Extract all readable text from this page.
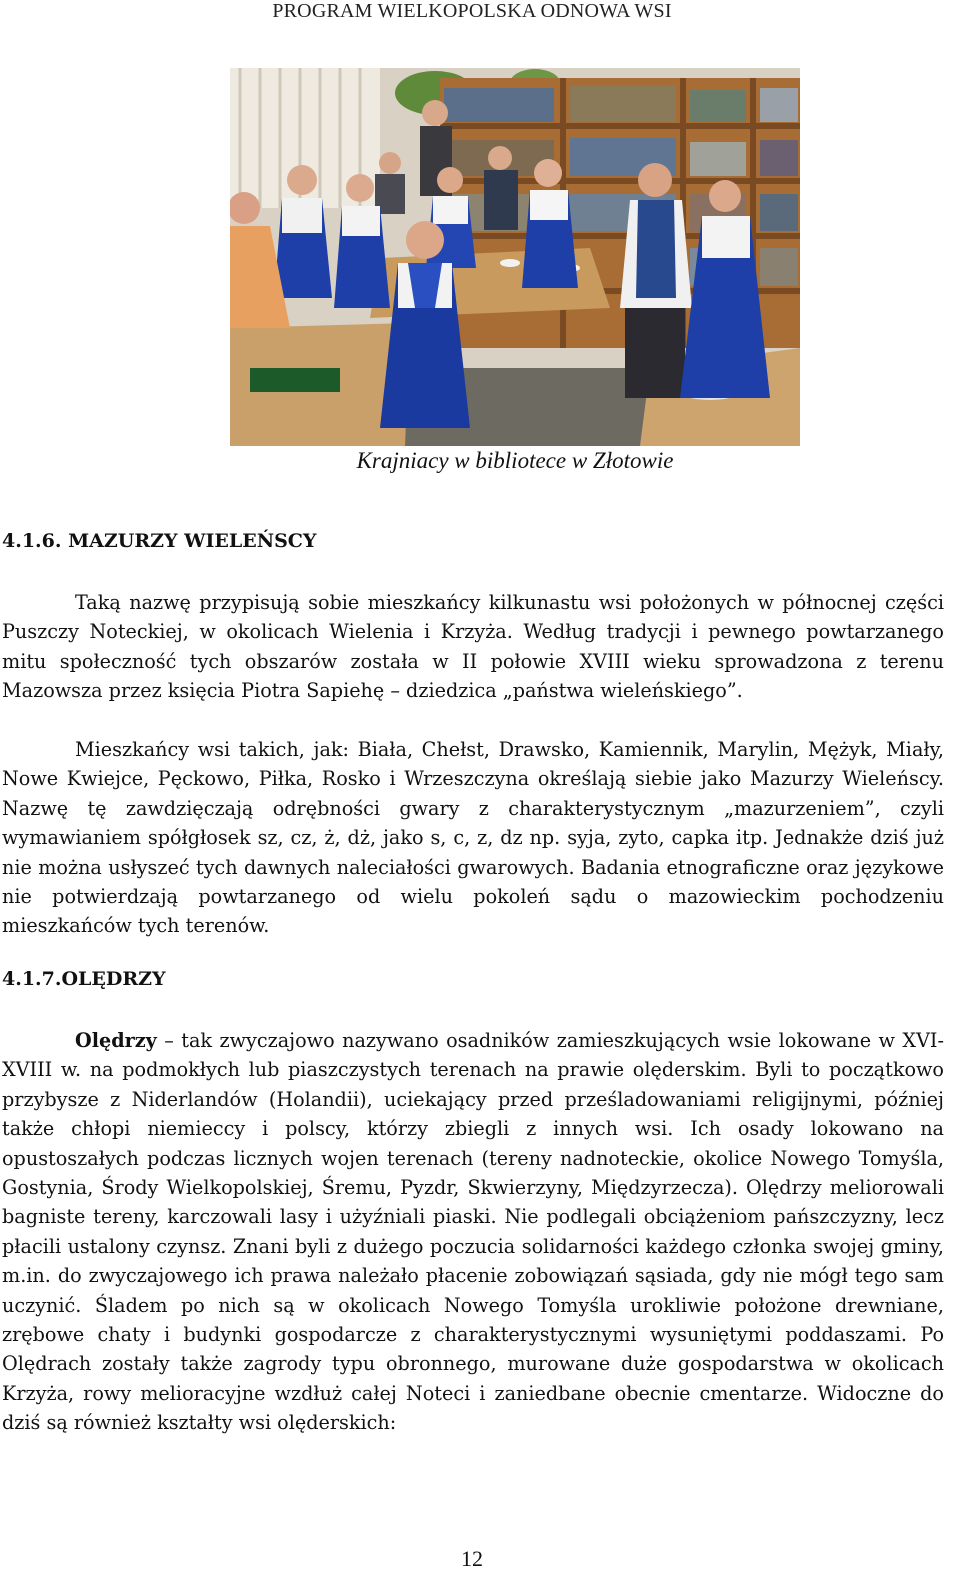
PROGRAM WIELKOPOLSKA ODNOWA WSI
Krajniacy w bibliotece w Złotowie
4.1.6. MAZURZY WIELEŃSCY

Taką nazwę przypisują sobie mieszkańcy kilkunastu wsi położonych w północnej części Puszczy Noteckiej, w okolicach Wielenia i Krzyża. Według tradycji i pewnego powtarzanego mitu społeczność tych obszarów została w II połowie XVIII wieku sprowadzona z terenu Mazowsza przez księcia Piotra Sapiehę – dziedzica „państwa wieleńskiego”.

Mieszkańcy wsi takich, jak: Biała, Chełst, Drawsko, Kamiennik, Marylin, Mężyk, Miały, Nowe Kwiejce, Pęckowo, Piłka, Rosko i Wrzeszczyna określają siebie jako Mazurzy Wieleńscy. Nazwę tę zawdzięczają odrębności gwary z charakterystycznym „mazurzeniem”, czyli wymawianiem spółgłosek sz, cz, ż, dż, jako s, c, z, dz np. syja, zyto, capka itp. Jednakże dziś już nie można usłyszeć tych dawnych naleciałości gwarowych. Badania etnograficzne oraz językowe nie potwierdzają powtarzanego od wielu pokoleń sądu o mazowieckim pochodzeniu mieszkańców tych terenów.

4.1.7.OLĘDRZY

Olędrzy – tak zwyczajowo nazywano osadników zamieszkujących wsie lokowane w XVI-XVIII w. na podmokłych lub piaszczystych terenach na prawie olęderskim. Byli to początkowo przybysze z Niderlandów (Holandii), uciekający przed prześladowaniami religijnymi, później także chłopi niemieccy i polscy, którzy zbiegli z innych wsi. Ich osady lokowano na opustoszałych podczas licznych wojen terenach (tereny nadnoteckie, okolice Nowego Tomyśla, Gostynia, Środy Wielkopolskiej, Śremu, Pyzdr, Skwierzyny, Międzyrzecza). Olędrzy meliorowali bagniste tereny, karczowali lasy i użyźniali piaski. Nie podlegali obciążeniom pańszczyzny, lecz płacili ustalony czynsz. Znani byli z dużego poczucia solidarności każdego członka swojej gminy, m.in. do zwyczajowego ich prawa należało płacenie zobowiązań sąsiada, gdy nie mógł tego sam uczynić. Śladem po nich są w okolicach Nowego Tomyśla urokliwie położone drewniane, zrębowe chaty i budynki gospodarcze z charakterystycznymi wysuniętymi poddaszami. Po Olędrach zostały także zagrody typu obronnego, murowane duże gospodarstwa w okolicach Krzyża, rowy melioracyjne wzdłuż całej Noteci i zaniedbane obecnie cmentarze. Widoczne do dziś są również kształty wsi olęderskich:

12
